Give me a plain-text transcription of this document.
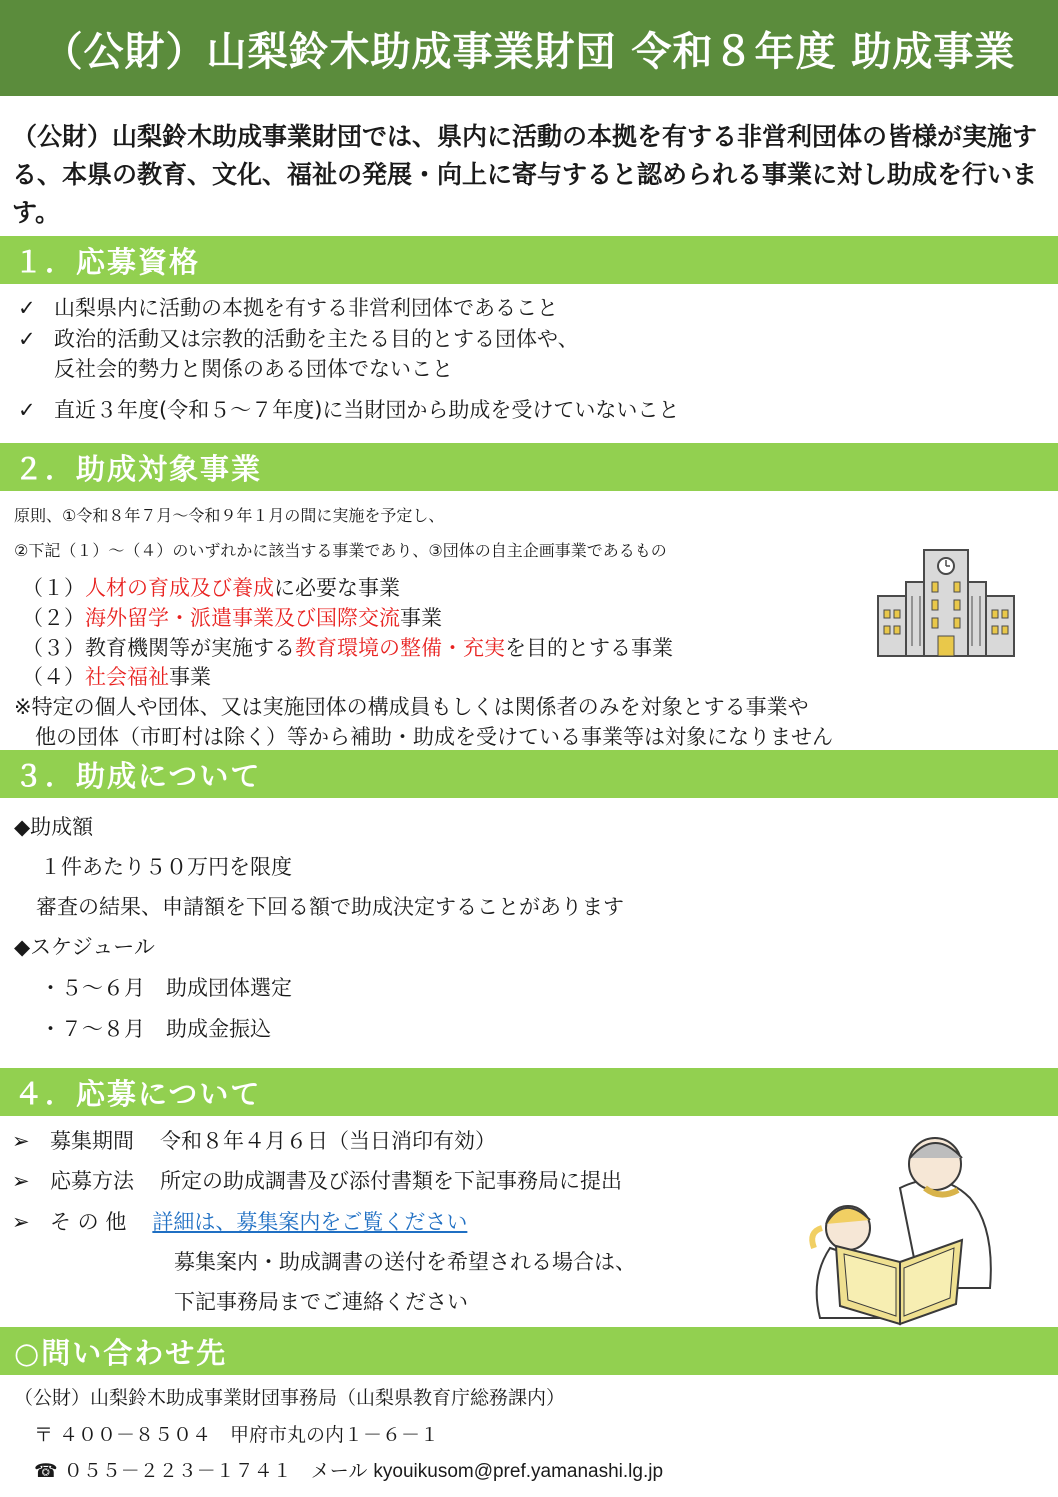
（公財）山梨鈴木助成事業財団 令和８年度 助成事業
（公財）山梨鈴木助成事業財団では、県内に活動の本拠を有する非営利団体の皆様が実施する、本県の教育、文化、福祉の発展・向上に寄与すると認められる事業に対し助成を行います。
１．応募資格
✓ 山梨県内に活動の本拠を有する非営利団体であること
✓ 政治的活動又は宗教的活動を主たる目的とする団体や、
反社会的勢力と関係のある団体でないこと
✓ 直近３年度(令和５～７年度)に当財団から助成を受けていないこと
２．助成対象事業
原則、①令和８年７月～令和９年１月の間に実施を予定し、
②下記（１）～（４）のいずれかに該当する事業であり、③団体の自主企画事業であるもの
（１）人材の育成及び養成に必要な事業
（２）海外留学・派遣事業及び国際交流事業
（３）教育機関等が実施する教育環境の整備・充実を目的とする事業
（４）社会福祉事業
※特定の個人や団体、又は実施団体の構成員もしくは関係者のみを対象とする事業や
　他の団体（市町村は除く）等から補助・助成を受けている事業等は対象になりません
３．助成について
◆助成額
１件あたり５０万円を限度
審査の結果、申請額を下回る額で助成決定することがあります
◆スケジュール
・５～６月　助成団体選定
・７～８月　助成金振込
４．応募について
➢ 募集期間 令和８年４月６日（当日消印有効）
➢ 応募方法 所定の助成調書及び添付書類を下記事務局に提出
➢ そ の 他 詳細は、募集案内をご覧ください
募集案内・助成調書の送付を希望される場合は、
下記事務局までご連絡ください
○問い合わせ先
（公財）山梨鈴木助成事業財団事務局（山梨県教育庁総務課内）
〒 ４００－８５０４　甲府市丸の内１－６－１
☎ ０５５－２２３－１７４１　メール kyouikusom@pref.yamanashi.lg.jp
